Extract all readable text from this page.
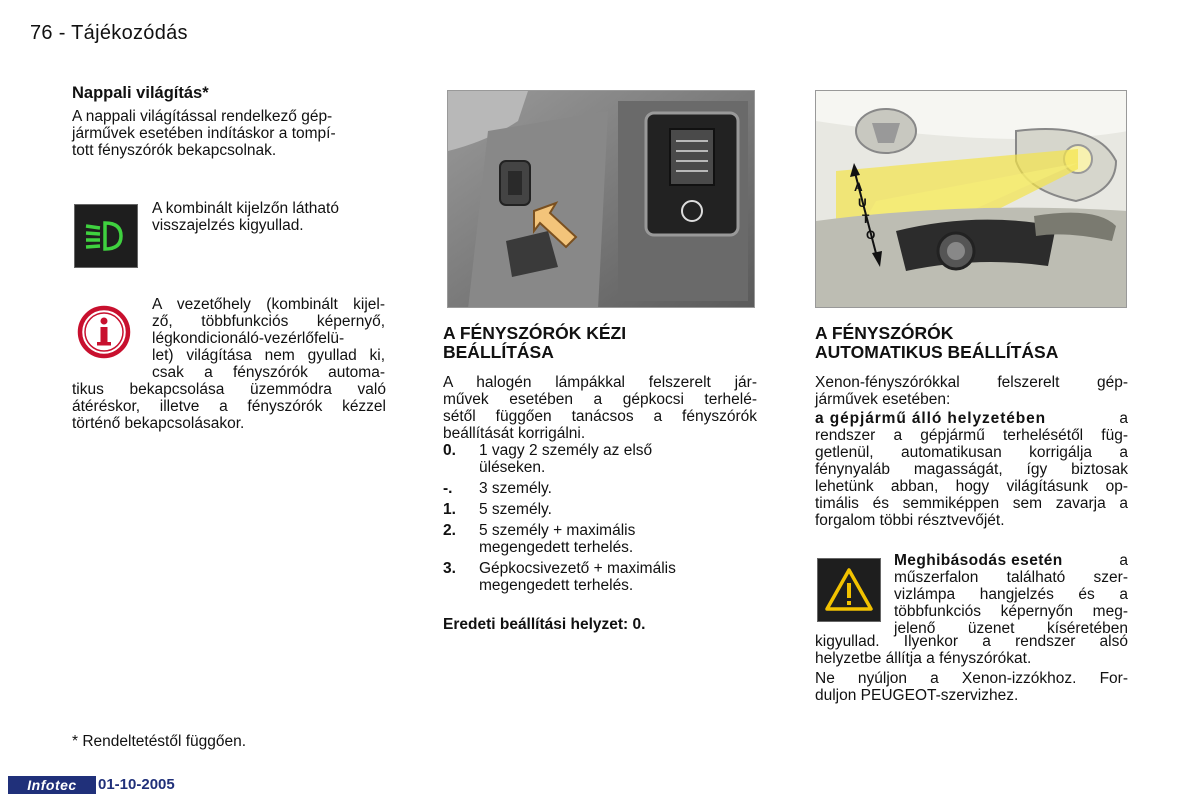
76 - Tájékozódás
Nappali világítás*
A nappali világítással rendelkező gép-
járművek esetében indításkor a tompí-
tott fényszórók bekapcsolnak.
A kombinált kijelzőn látható
visszajelzés kigyullad.
A vezetőhely (kombinált kijel-
ző, többfunkciós képernyő,
légkondicionáló-vezérlőfelü-
let) világítása nem gyullad ki,
csak a fényszórók automa-
tikus bekapcsolása üzemmódra való
átéréskor, illetve a fényszórók kézzel
történő bekapcsolásakor.
* Rendeltetéstől függően.
A FÉNYSZÓRÓK KÉZI
BEÁLLÍTÁSA
A halogén lámpákkal felszerelt jár-
művek esetében a gépkocsi terhelé-
sétől függően tanácsos a fényszórók
beállítását korrigálni.
0.	1 vagy 2 személy az első
üléseken.
-.	3 személy.
1.	5 személy.
2.	5 személy + maximális
megengedett terhelés.
3.	Gépkocsivezető + maximális
megengedett terhelés.
Eredeti beállítási helyzet: 0.
A
U
T
O
A FÉNYSZÓRÓK
AUTOMATIKUS BEÁLLÍTÁSA
Xenon-fényszórókkal felszerelt gép-
járművek esetében:
a gépjármű álló helyzetében	a
rendszer a gépjármű terhelésétől füg-
getlenül, automatikusan korrigálja a
fénynyaláb magasságát, így biztosak
lehetünk abban, hogy világításunk op-
timális és semmiképpen sem zavarja a
forgalom többi résztvevőjét.
Meghibásodás esetén	a
műszerfalon található szer-
vizlámpa hangjelzés és a
többfunkciós képernyőn meg-
jelenő üzenet kíséretében
kigyullad. Ilyenkor a rendszer alsó
helyzetbe állítja a fényszórókat.
Ne nyúljon a Xenon-izzókhoz. For-
duljon PEUGEOT-szervizhez.
Infotec	01-10-2005
